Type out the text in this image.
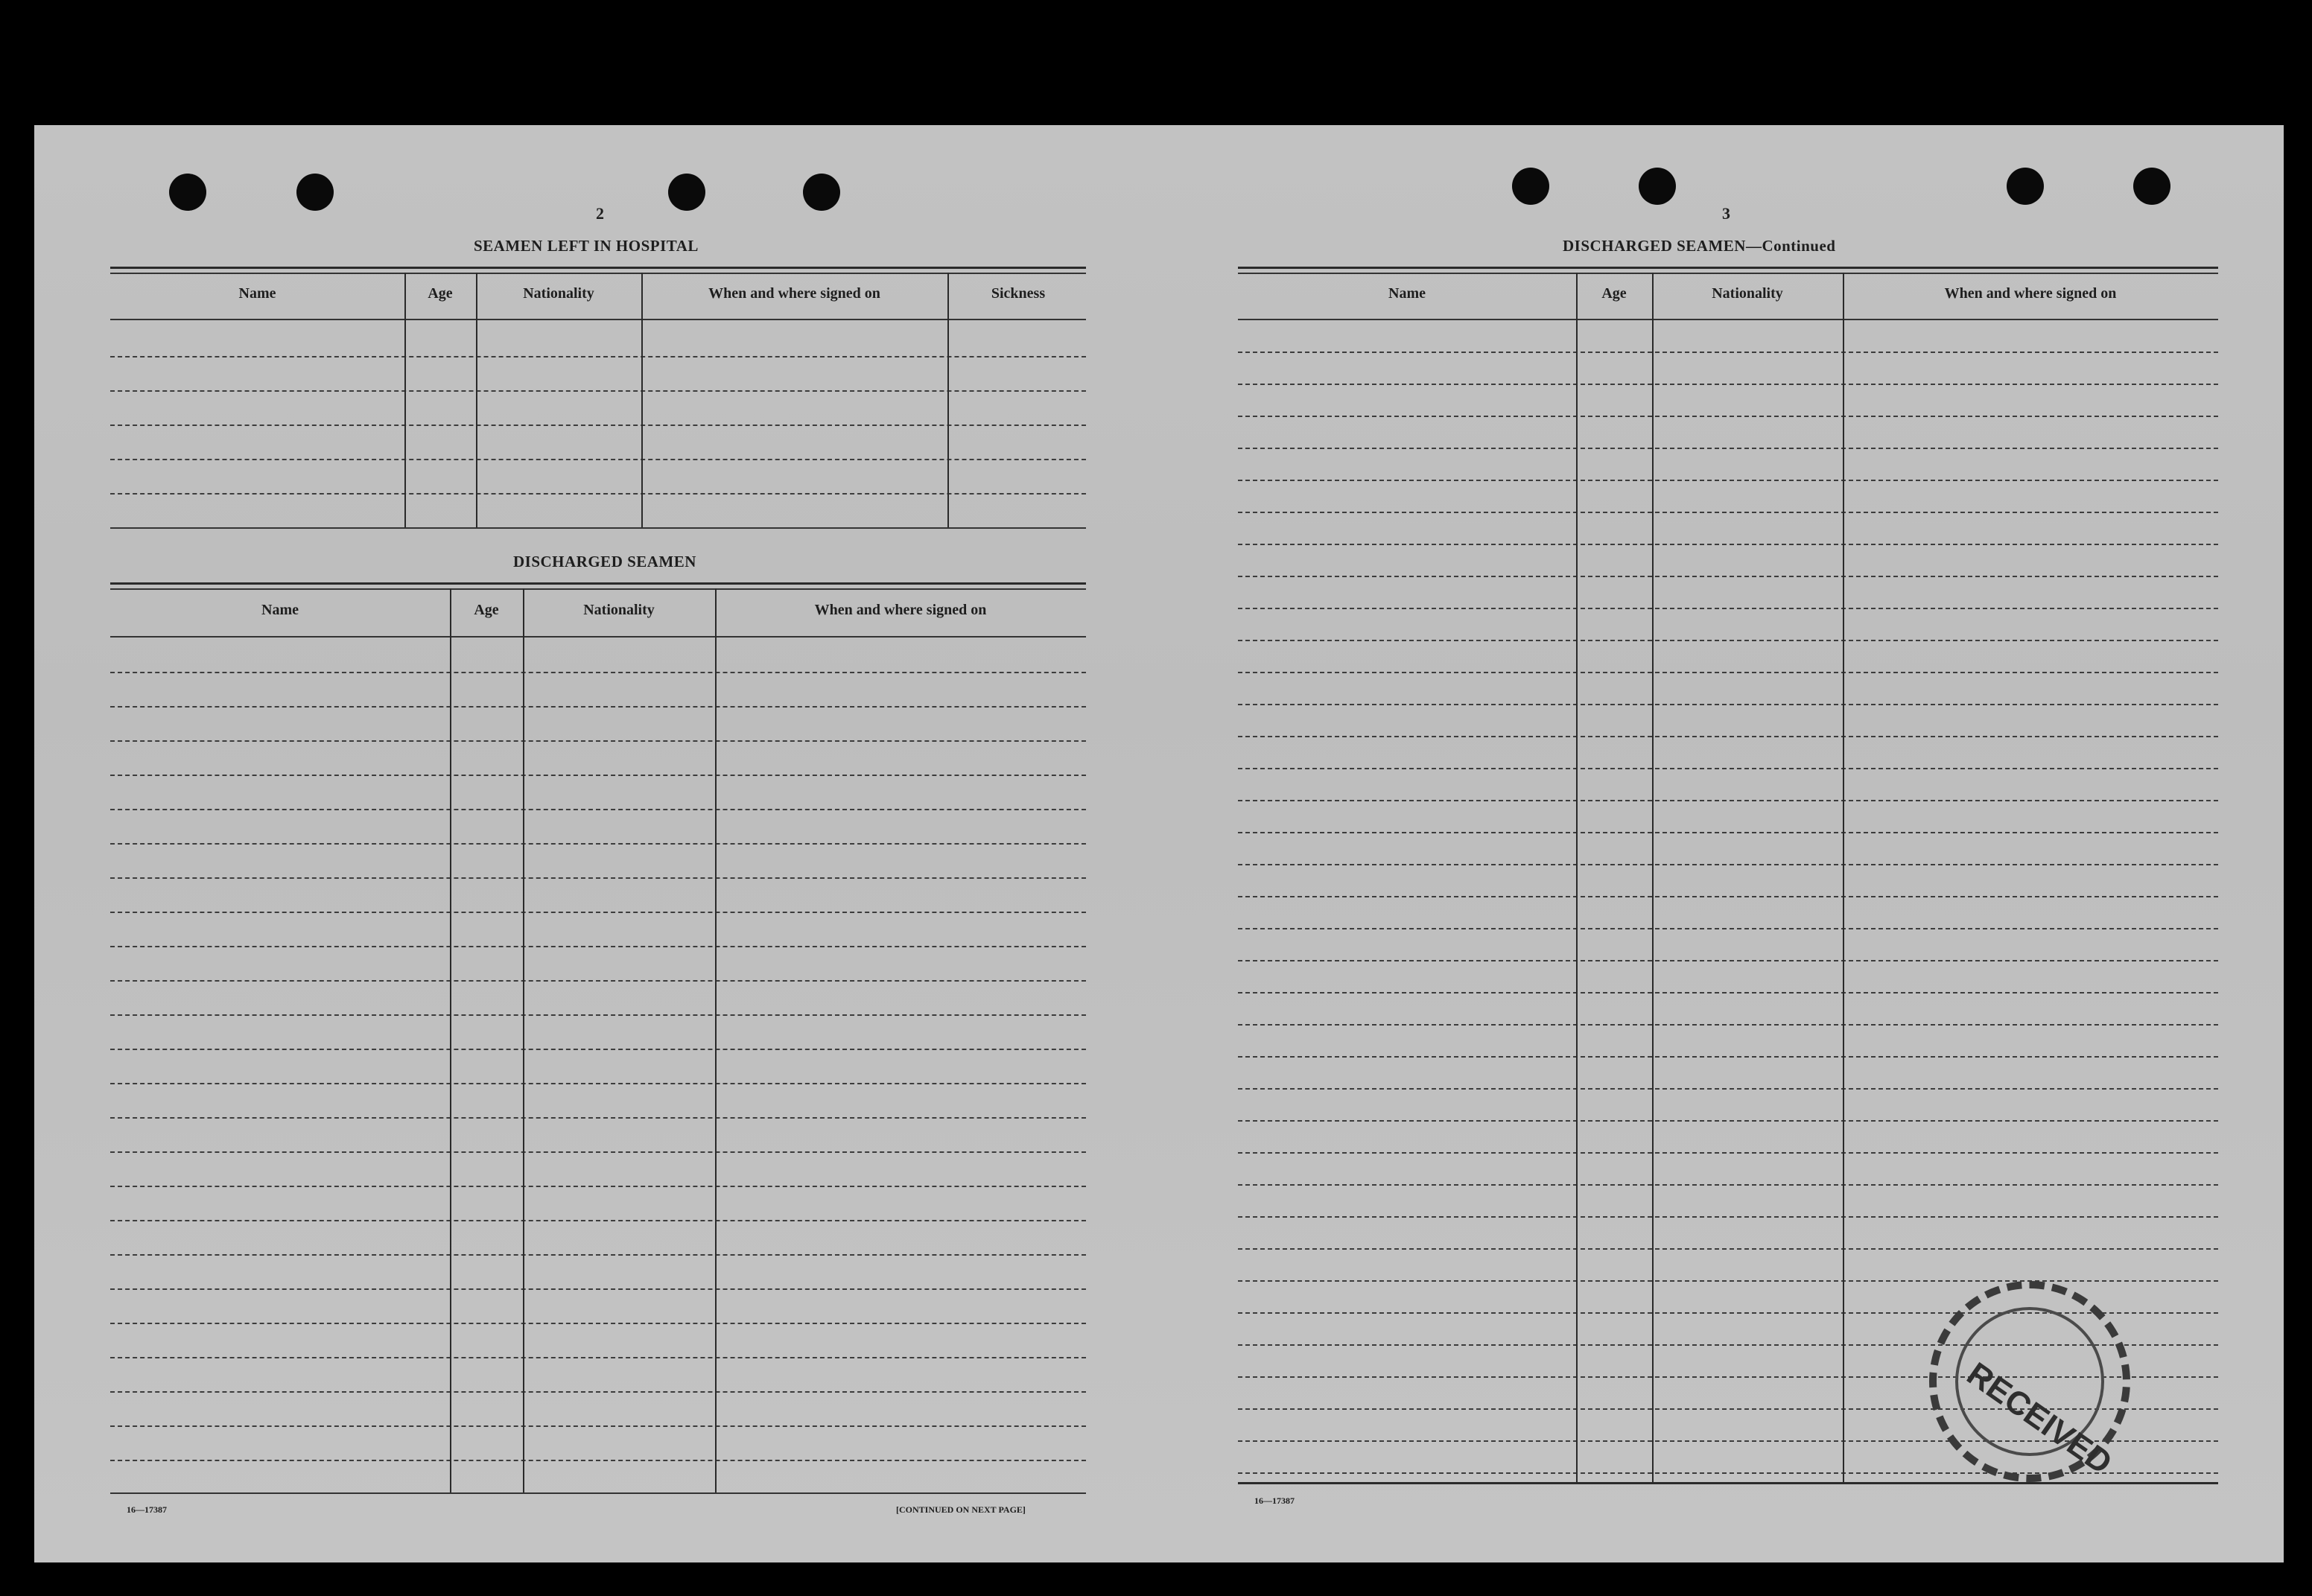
2
SEAMEN LEFT IN HOSPITAL
Name	Age	Nationality	When and where signed on	Sickness
DISCHARGED SEAMEN
Name	Age	Nationality	When and where signed on
16—17387	[CONTINUED ON NEXT PAGE]
3
DISCHARGED SEAMEN—Continued
Name	Age	Nationality	When and where signed on
16—17387
RECEIVED
